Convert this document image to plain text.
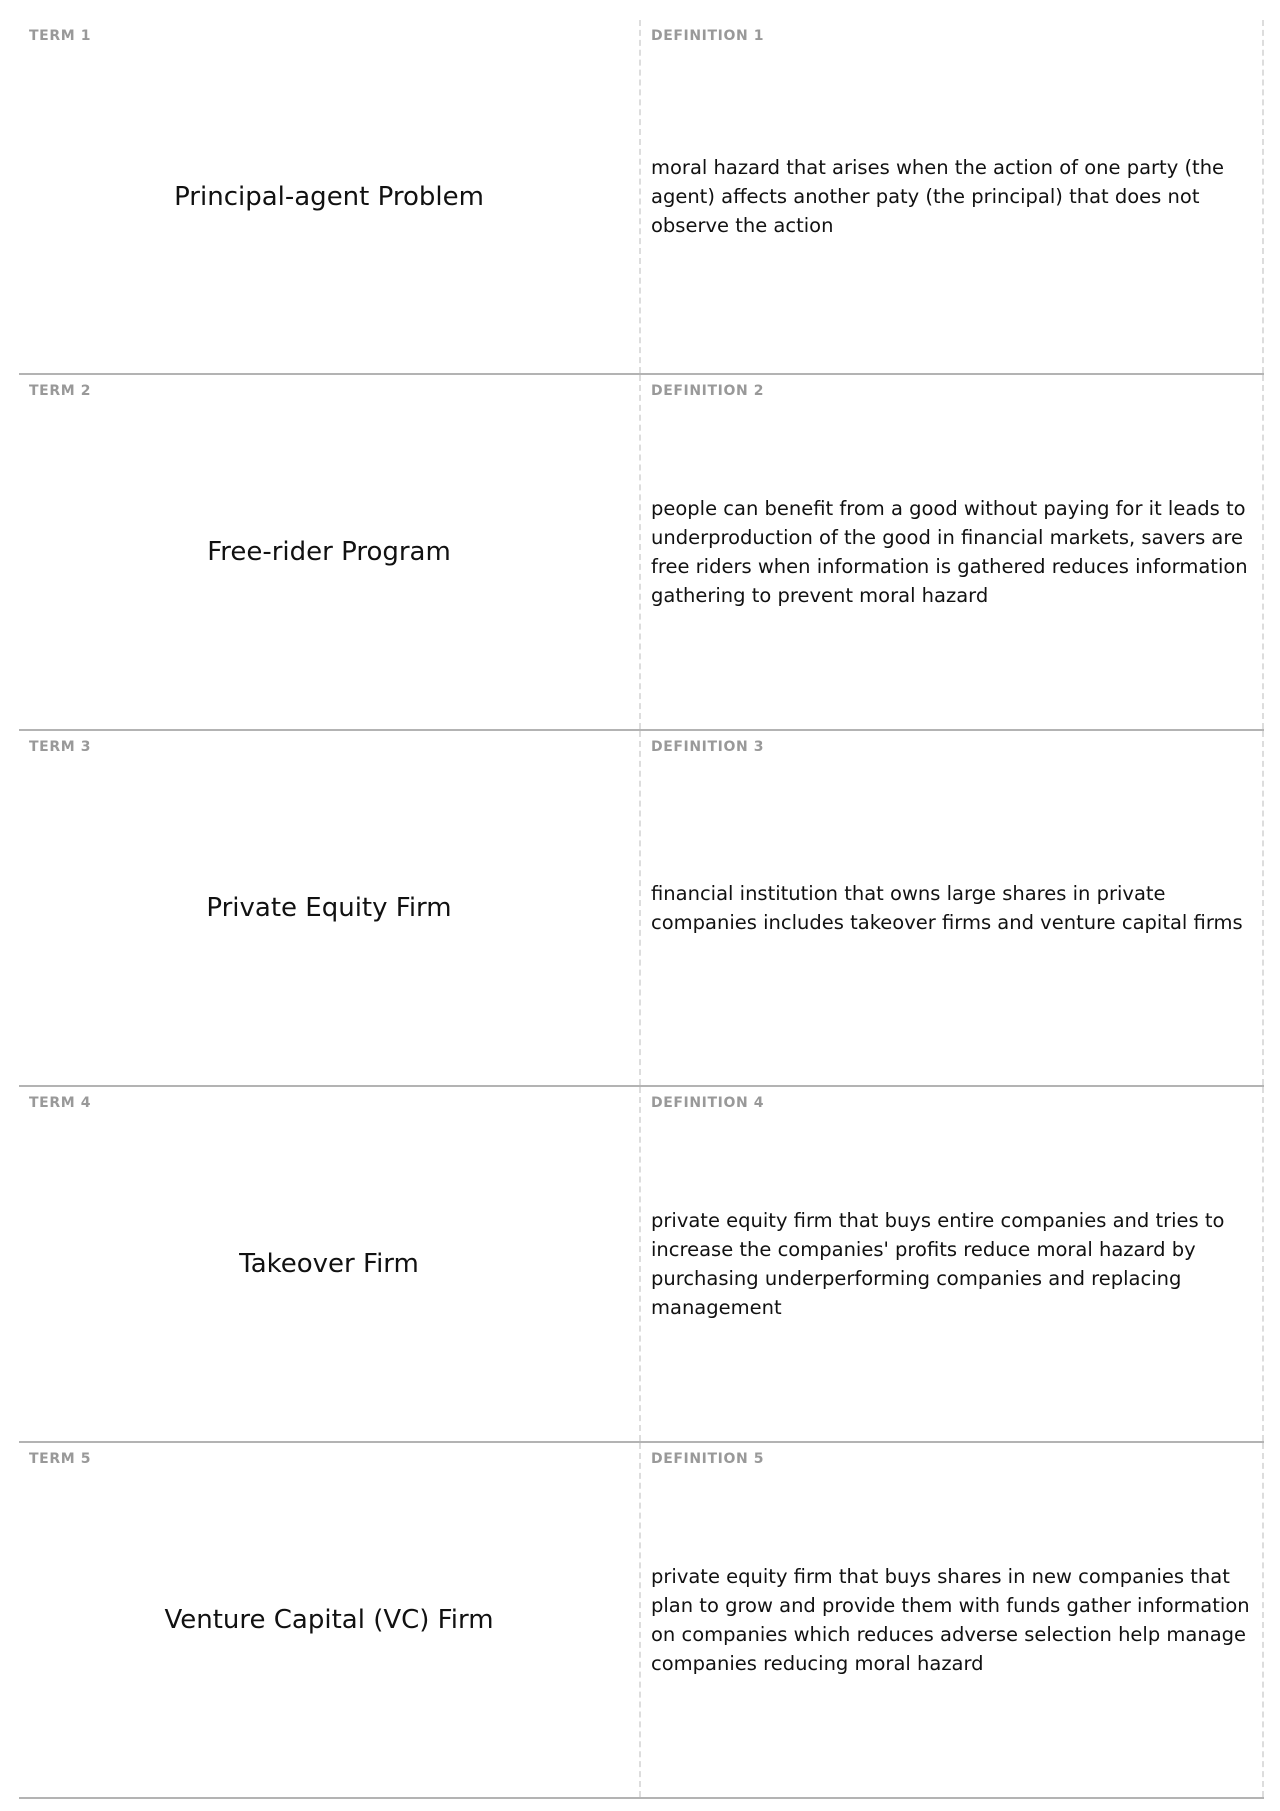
TERM 1
Principal-agent Problem
DEFINITION 1
moral hazard that arises when the action of one party (the agent) affects another paty (the principal) that does not observe the action
TERM 2
Free-rider Program
DEFINITION 2
people can benefit from a good without paying for it leads to underproduction of the good in financial markets, savers are free riders when information is gathered reduces information gathering to prevent moral hazard
TERM 3
Private Equity Firm
DEFINITION 3
financial institution that owns large shares in private companies includes takeover firms and venture capital firms
TERM 4
Takeover Firm
DEFINITION 4
private equity firm that buys entire companies and tries to increase the companies' profits reduce moral hazard by purchasing underperforming companies and replacing management
TERM 5
Venture Capital (VC) Firm
DEFINITION 5
private equity firm that buys shares in new companies that plan to grow and provide them with funds gather information on companies which reduces adverse selection help manage companies reducing moral hazard
